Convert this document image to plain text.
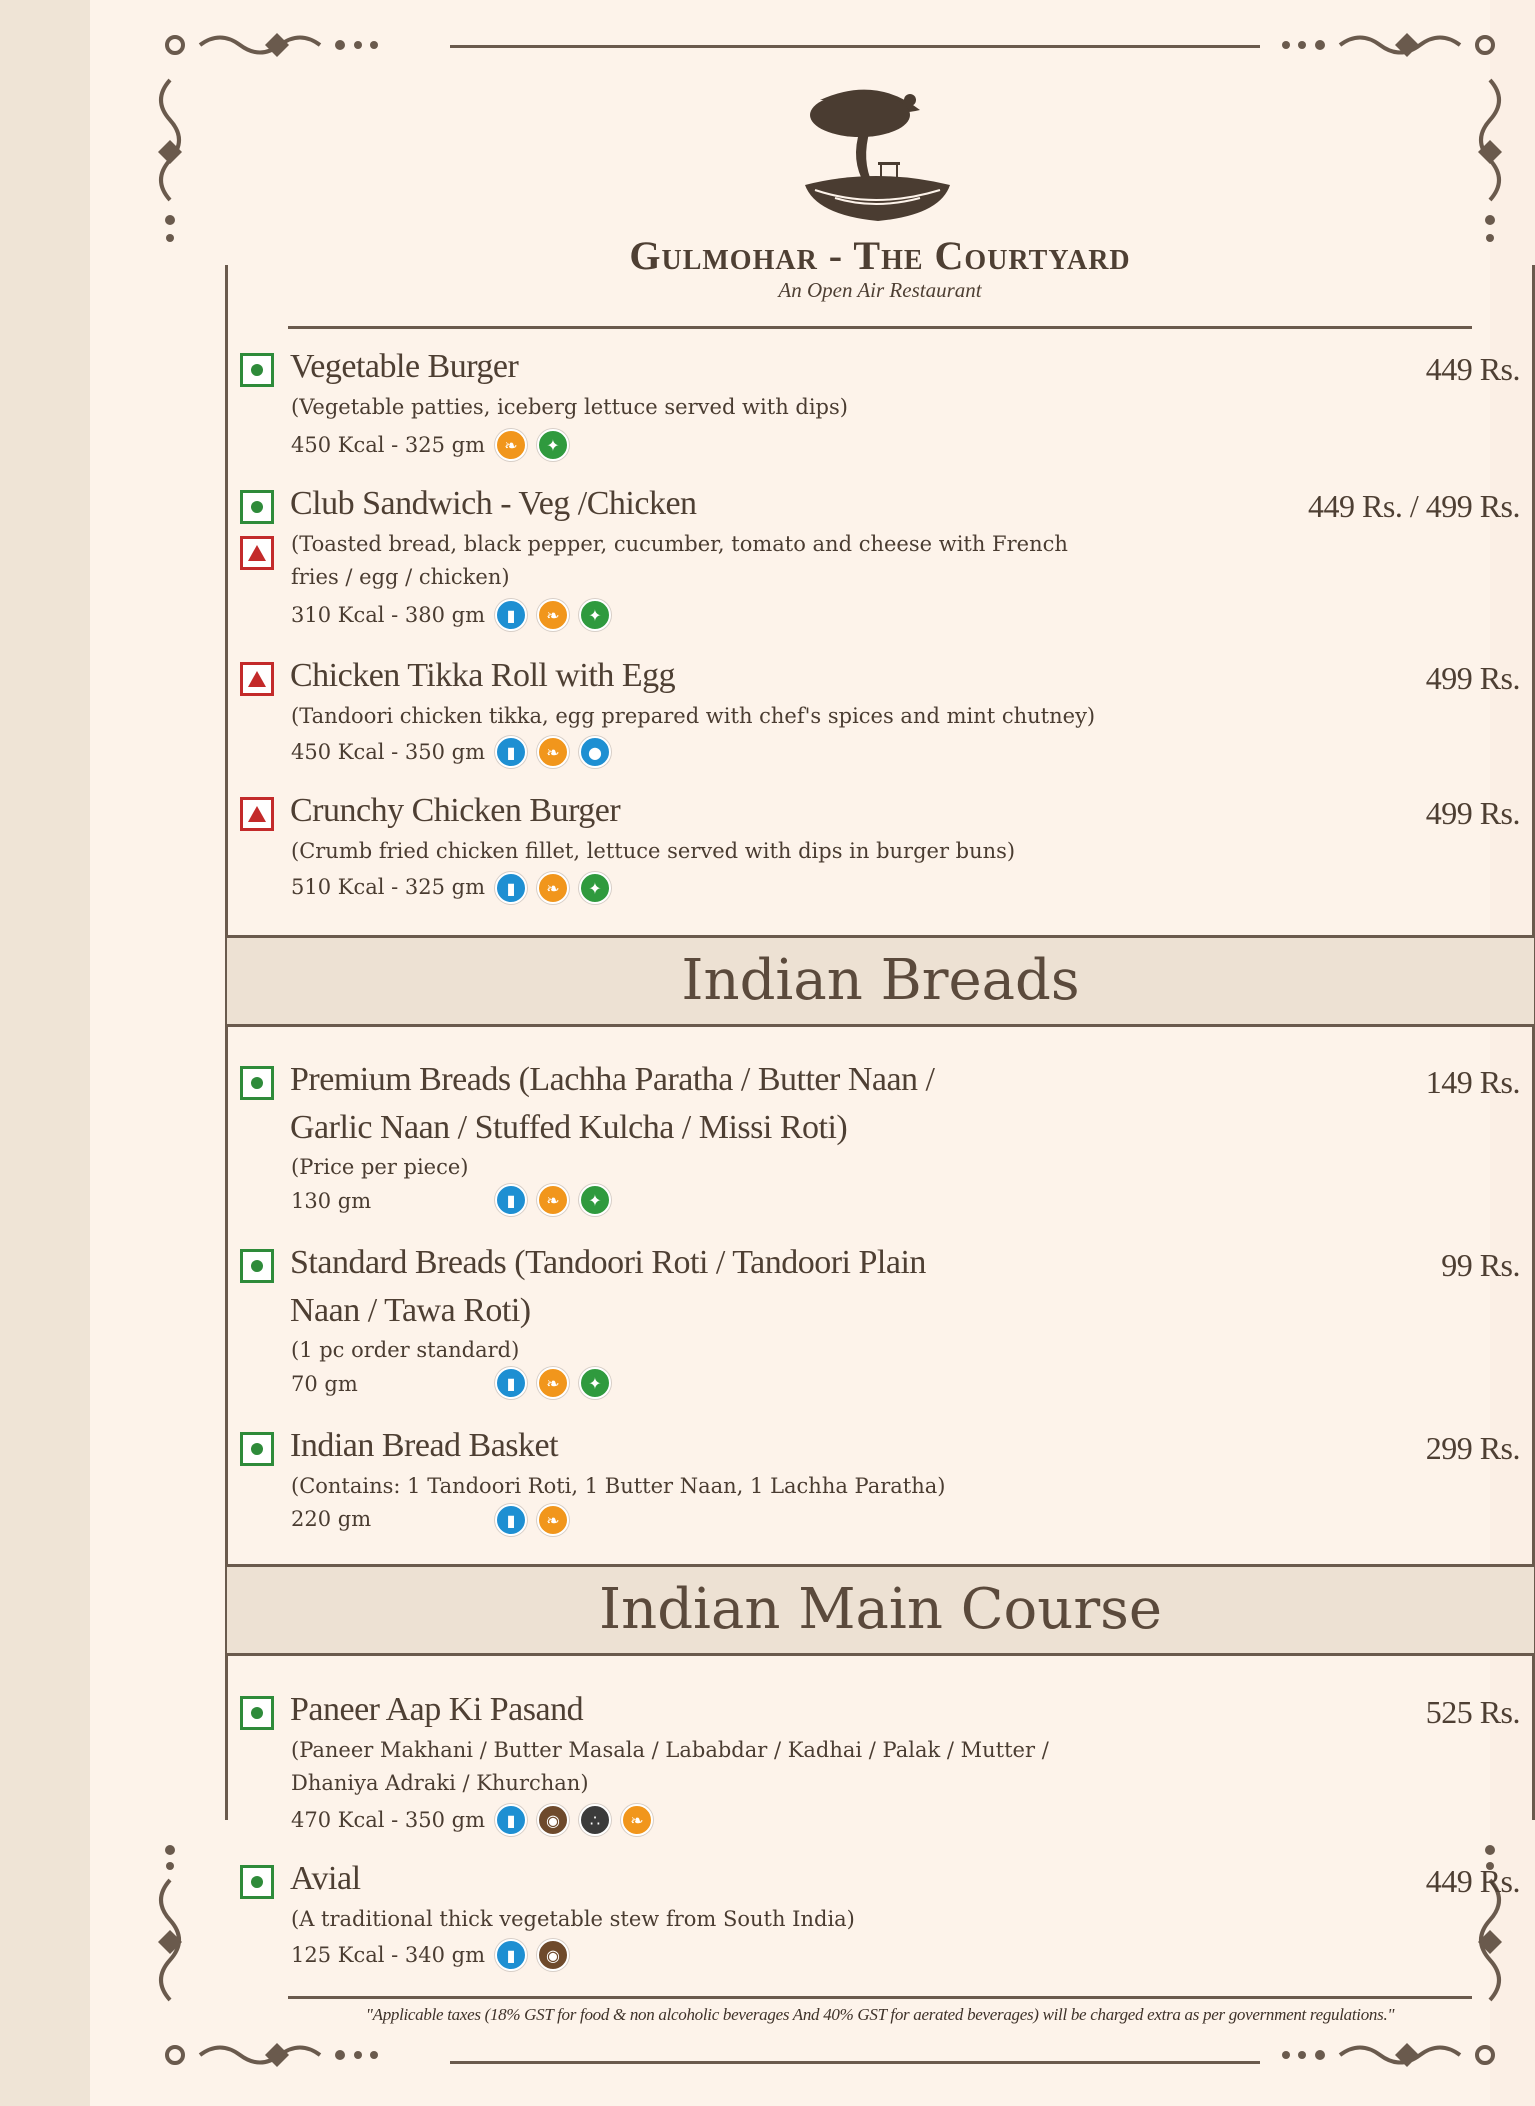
Gulmohar - The Courtyard
An Open Air Restaurant
Vegetable Burger	449 Rs.
(Vegetable patties, iceberg lettuce served with dips)
450 Kcal - 325 gm	❧	✦
Club Sandwich - Veg /Chicken	449 Rs. / 499 Rs.
(Toasted bread, black pepper, cucumber, tomato and cheese with French fries / egg / chicken)
310 Kcal - 380 gm	▮	❧	✦
Chicken Tikka Roll with Egg	499 Rs.
(Tandoori chicken tikka, egg prepared with chef's spices and mint chutney)
450 Kcal - 350 gm	▮	❧	●
Crunchy Chicken Burger	499 Rs.
(Crumb fried chicken fillet, lettuce served with dips in burger buns)
510 Kcal - 325 gm	▮	❧	✦
Indian Breads
Premium Breads (Lachha Paratha / Butter Naan /
Garlic Naan / Stuffed Kulcha / Missi Roti)
149 Rs.
(Price per piece)
130 gm	▮	❧	✦
Standard Breads (Tandoori Roti / Tandoori Plain
Naan / Tawa Roti)
99 Rs.
(1 pc order standard)
70 gm	▮	❧	✦
Indian Bread Basket	299 Rs.
(Contains: 1 Tandoori Roti, 1 Butter Naan, 1 Lachha Paratha)
220 gm	▮	❧
Indian Main Course
Paneer Aap Ki Pasand	525 Rs.
(Paneer Makhani / Butter Masala / Lababdar / Kadhai / Palak / Mutter / Dhaniya Adraki / Khurchan)
470 Kcal - 350 gm	▮	◉	∴	❧
Avial	449 Rs.
(A traditional thick vegetable stew from South India)
125 Kcal - 340 gm	▮	◉
"Applicable taxes (18% GST for food & non alcoholic beverages And 40% GST for aerated beverages) will be charged extra as per government regulations."
